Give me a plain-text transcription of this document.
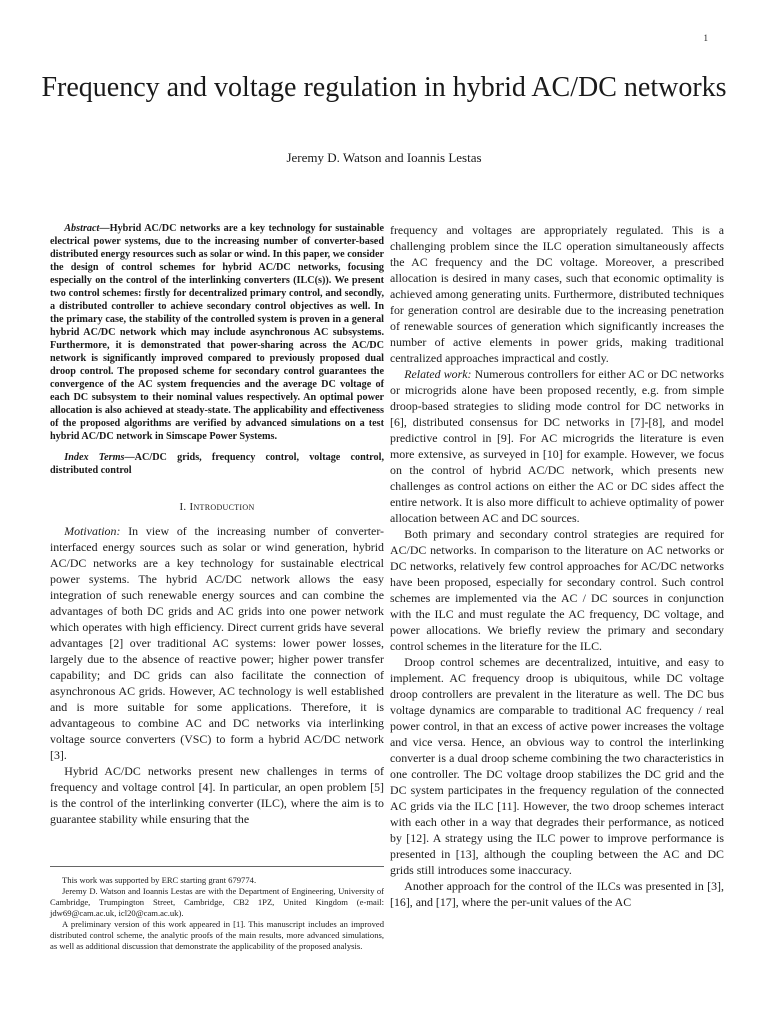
1
Frequency and voltage regulation in hybrid AC/DC networks
Jeremy D. Watson and Ioannis Lestas

Abstract—Hybrid AC/DC networks are a key technology for sustainable electrical power systems, due to the increasing number of converter-based distributed energy resources such as solar or wind. In this paper, we consider the design of control schemes for hybrid AC/DC networks, focusing especially on the control of the interlinking converters (ILC(s)). We present two control schemes: firstly for decentralized primary control, and secondly, a distributed controller to achieve secondary control objectives as well. In the primary case, the stability of the controlled system is proven in a general hybrid AC/DC network which may include asynchronous AC subsystems. Furthermore, it is demonstrated that power-sharing across the AC/DC network is significantly improved compared to previously proposed dual droop control. The proposed scheme for secondary control guarantees the convergence of the AC system frequencies and the average DC voltage of each DC subsystem to their nominal values respectively. An optimal power allocation is also achieved at steady-state. The applicability and effectiveness of the proposed algorithms are verified by advanced simulations on a test hybrid AC/DC network in Simscape Power Systems.

Index Terms—AC/DC grids, frequency control, voltage control, distributed control

I. Introduction

Motivation: In view of the increasing number of converter-interfaced energy sources such as solar or wind generation, hybrid AC/DC networks are a key technology for sustainable electrical power systems. The hybrid AC/DC network allows the easy integration of such renewable energy sources and can combine the advantages of both DC grids and AC grids into one power network which operates with high efficiency. Direct current grids have several advantages [2] over traditional AC systems: lower power losses, largely due to the absence of reactive power; higher power transfer capability; and DC grids can also facilitate the connection of asynchronous AC grids. However, AC technology is well established and is more suitable for some applications. Therefore, it is advantageous to combine AC and DC networks via interlinking voltage source converters (VSC) to form a hybrid AC/DC network [3].

Hybrid AC/DC networks present new challenges in terms of frequency and voltage control [4]. In particular, an open problem [5] is the control of the interlinking converter (ILC), where the aim is to guarantee stability while ensuring that the

frequency and voltages are appropriately regulated. This is a challenging problem since the ILC operation simultaneously affects the AC frequency and the DC voltage. Moreover, a prescribed allocation is desired in many cases, such that economic optimality is achieved among generating units. Furthermore, distributed techniques for generation control are desirable due to the increasing penetration of renewable sources of generation which significantly increases the number of active elements in power grids, making traditional centralized approaches impractical and costly.

Related work: Numerous controllers for either AC or DC networks or microgrids alone have been proposed recently, e.g. from simple droop-based strategies to sliding mode control for DC networks in [6], distributed consensus for DC networks in [7]-[8], and model predictive control in [9]. For AC microgrids the literature is even more extensive, as surveyed in [10] for example. However, we focus on the control of hybrid AC/DC network, which presents new challenges as control actions on either the AC or DC sides affect the entire network. It is also more difficult to achieve optimality of power allocation between AC and DC sources.

Both primary and secondary control strategies are required for AC/DC networks. In comparison to the literature on AC networks or DC networks, relatively few control approaches for AC/DC networks have been proposed, especially for secondary control. Such control schemes are implemented via the AC / DC sources in conjunction with the ILC and must regulate the AC frequency, DC voltage, and power allocations. We briefly review the primary and secondary control schemes in the literature for the ILC.

Droop control schemes are decentralized, intuitive, and easy to implement. AC frequency droop is ubiquitous, while DC voltage droop controllers are prevalent in the literature as well. The DC bus voltage dynamics are comparable to traditional AC frequency / real power control, in that an excess of active power increases the voltage and vice versa. Hence, an obvious way to control the interlinking converter is a dual droop scheme combining the two characteristics in one controller. The DC voltage droop stabilizes the DC grid and the DC system participates in the frequency regulation of the connected AC grids via the ILC [11]. However, the two droop schemes interact with each other in a way that degrades their performance, as noticed by [12]. A strategy using the ILC power to improve performance is presented in [13], although the coupling between the AC and DC grids still introduces some inaccuracy.

Another approach for the control of the ILCs was presented in [3], [16], and [17], where the per-unit values of the AC

This work was supported by ERC starting grant 679774.

Jeremy D. Watson and Ioannis Lestas are with the Department of Engineering, University of Cambridge, Trumpington Street, Cambridge, CB2 1PZ, United Kingdom (e-mail: jdw69@cam.ac.uk, icl20@cam.ac.uk).

A preliminary version of this work appeared in [1]. This manuscript includes an improved distributed control scheme, the analytic proofs of the main results, more advanced simulations, as well as additional discussion that demonstrate the applicability of the proposed analysis.
